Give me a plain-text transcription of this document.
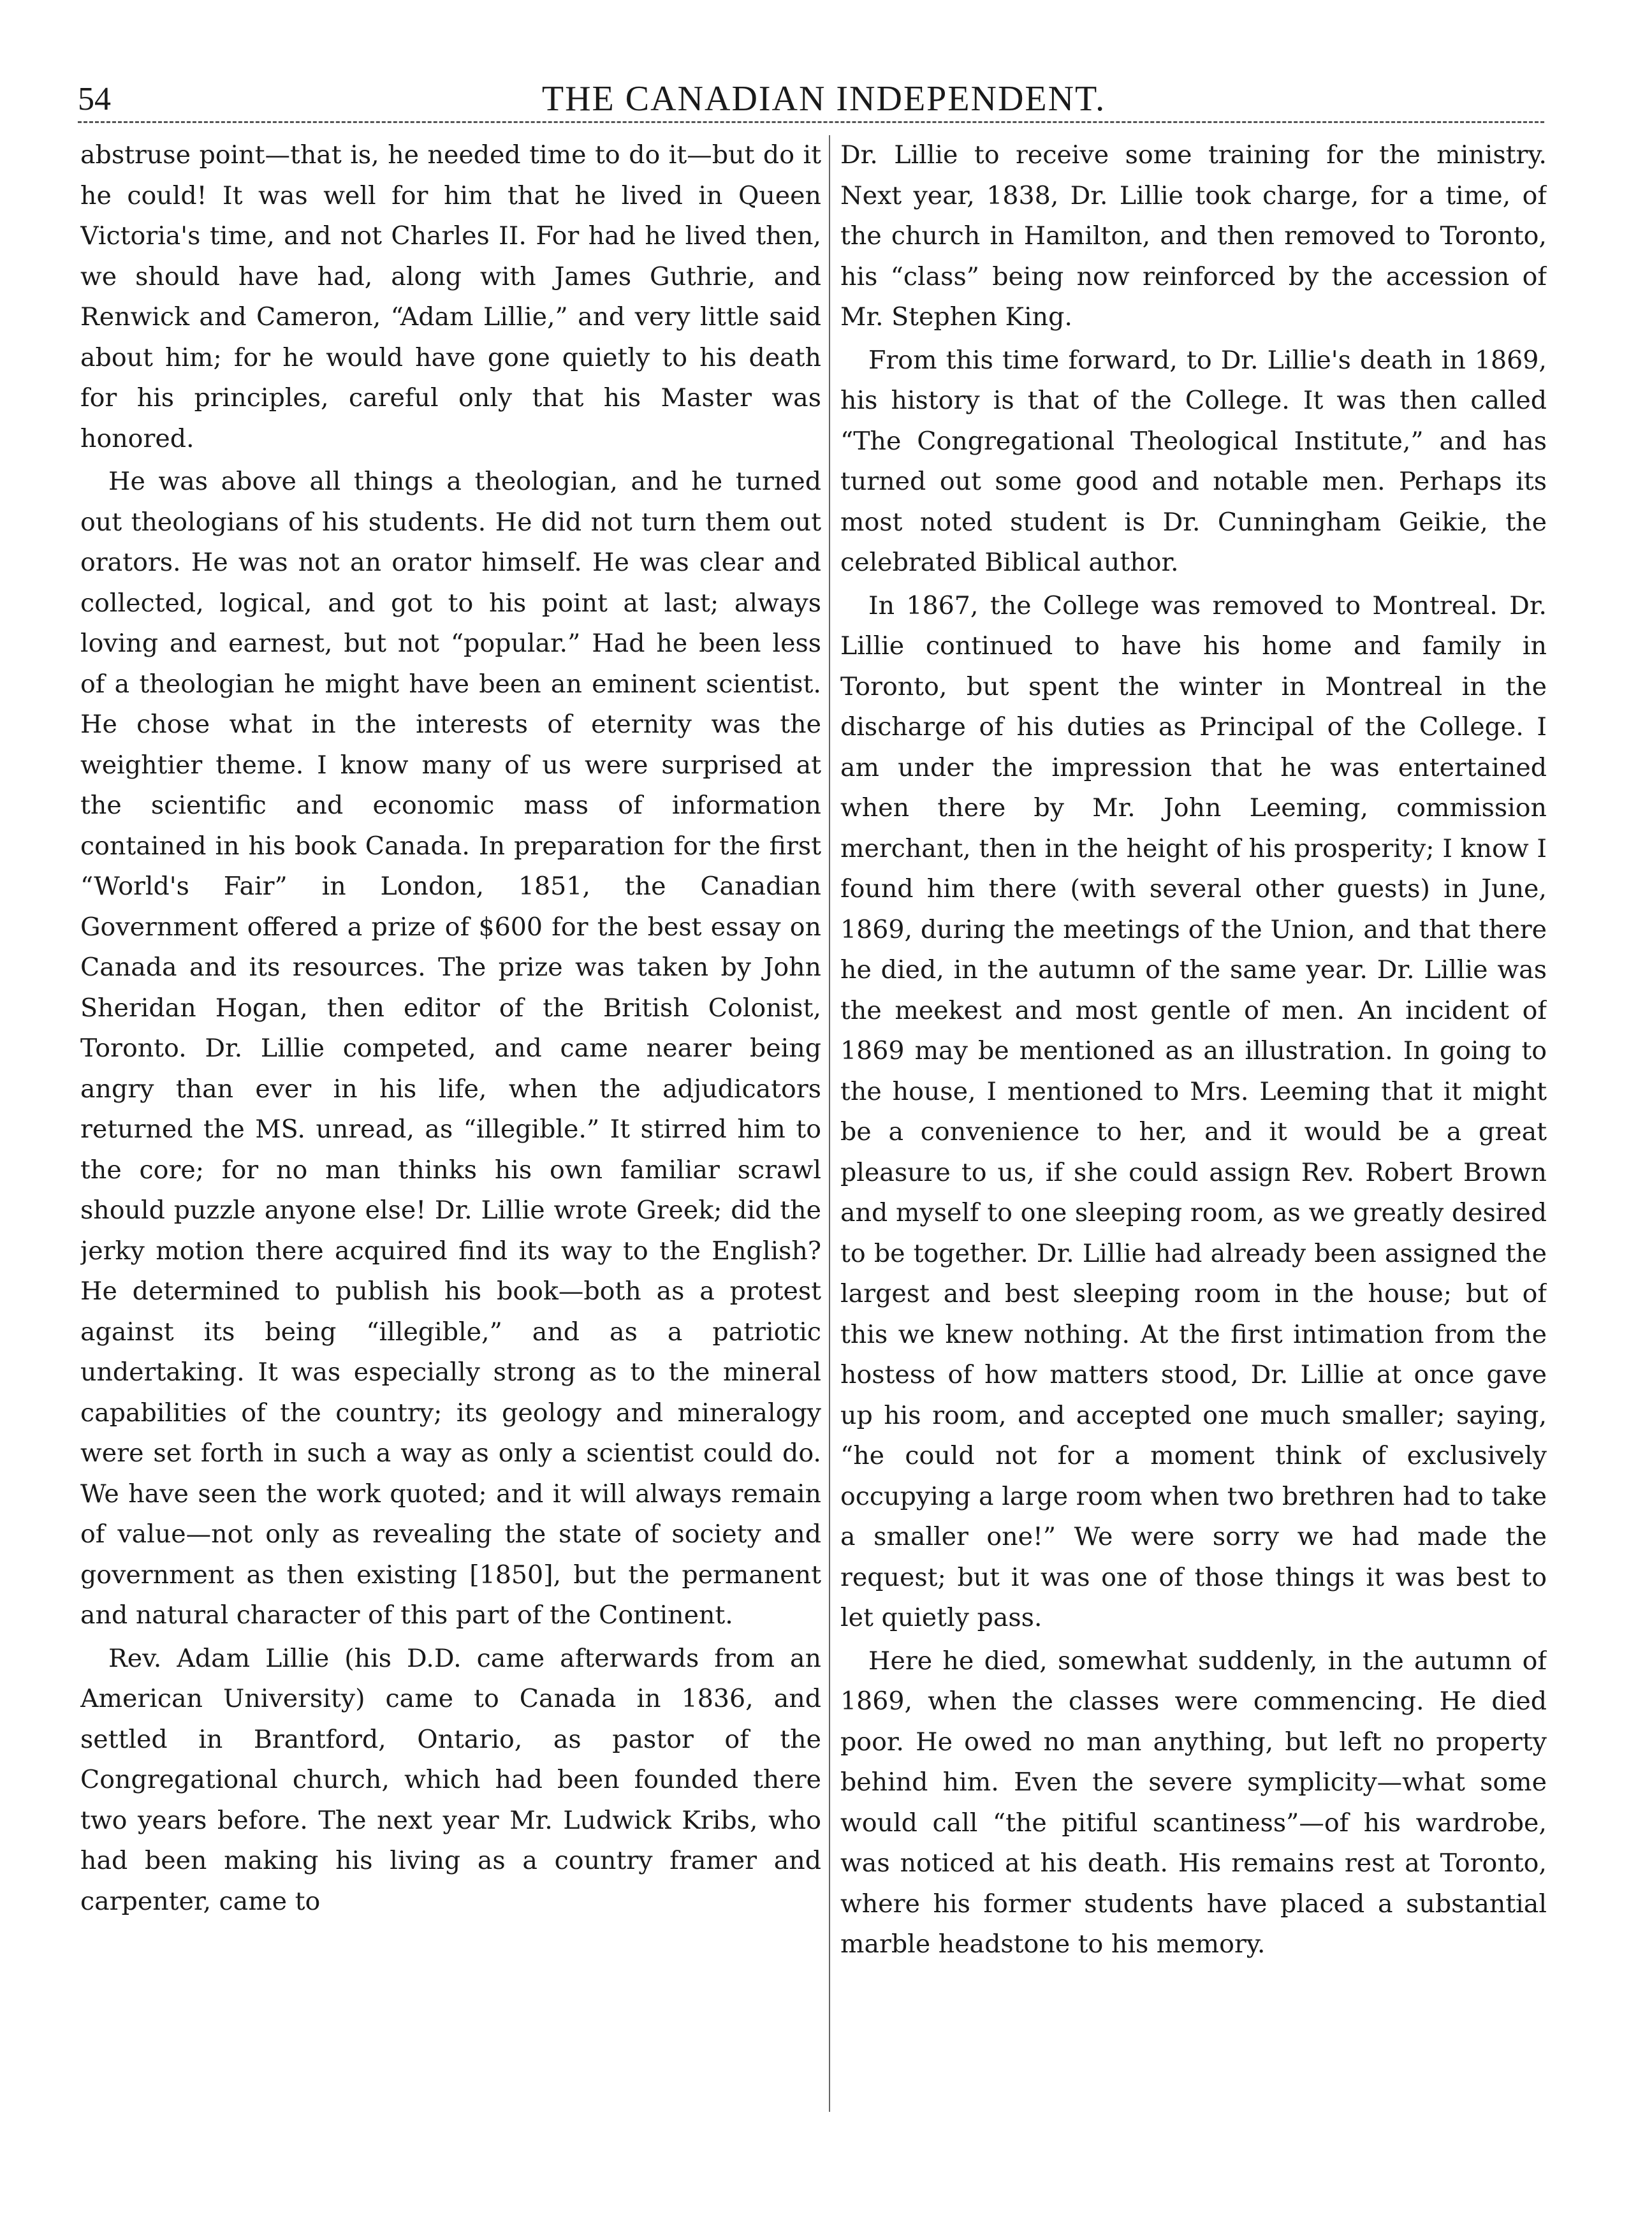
54	THE CANADIAN INDEPENDENT.

abstruse point—that is, he needed time to do it—but do it he could! It was well for him that he lived in Queen Victoria's time, and not Charles II. For had he lived then, we should have had, along with James Guthrie, and Renwick and Cameron, “Adam Lillie,” and very little said about him; for he would have gone quietly to his death for his principles, careful only that his Master was honored.

He was above all things a theologian, and he turned out theologians of his students. He did not turn them out orators. He was not an orator himself. He was clear and collected, logical, and got to his point at last; always loving and earnest, but not “popular.” Had he been less of a theologian he might have been an eminent scientist. He chose what in the interests of eternity was the weightier theme. I know many of us were surprised at the scientific and economic mass of information contained in his book Canada. In preparation for the first “World's Fair” in London, 1851, the Canadian Government offered a prize of $600 for the best essay on Canada and its resources. The prize was taken by John Sheridan Hogan, then editor of the British Colonist, Toronto. Dr. Lillie competed, and came nearer being angry than ever in his life, when the adjudicators returned the MS. unread, as “illegible.” It stirred him to the core; for no man thinks his own familiar scrawl should puzzle anyone else! Dr. Lillie wrote Greek; did the jerky motion there acquired find its way to the English? He determined to publish his book—both as a protest against its being “illegible,” and as a patriotic undertaking. It was especially strong as to the mineral capabilities of the country; its geology and mineralogy were set forth in such a way as only a scientist could do. We have seen the work quoted; and it will always remain of value—not only as revealing the state of society and government as then existing [1850], but the permanent and natural character of this part of the Continent.

Rev. Adam Lillie (his D.D. came afterwards from an American University) came to Canada in 1836, and settled in Brantford, Ontario, as pastor of the Congregational church, which had been founded there two years before. The next year Mr. Ludwick Kribs, who had been making his living as a country framer and carpenter, came to

Dr. Lillie to receive some training for the ministry. Next year, 1838, Dr. Lillie took charge, for a time, of the church in Hamilton, and then removed to Toronto, his “class” being now reinforced by the accession of Mr. Stephen King.

From this time forward, to Dr. Lillie's death in 1869, his history is that of the College. It was then called “The Congregational Theological Institute,” and has turned out some good and notable men. Perhaps its most noted student is Dr. Cunningham Geikie, the celebrated Biblical author.

In 1867, the College was removed to Montreal. Dr. Lillie continued to have his home and family in Toronto, but spent the winter in Montreal in the discharge of his duties as Principal of the College. I am under the impression that he was entertained when there by Mr. John Leeming, commission merchant, then in the height of his prosperity; I know I found him there (with several other guests) in June, 1869, during the meetings of the Union, and that there he died, in the autumn of the same year. Dr. Lillie was the meekest and most gentle of men. An incident of 1869 may be mentioned as an illustration. In going to the house, I mentioned to Mrs. Leeming that it might be a convenience to her, and it would be a great pleasure to us, if she could assign Rev. Robert Brown and myself to one sleeping room, as we greatly desired to be together. Dr. Lillie had already been assigned the largest and best sleeping room in the house; but of this we knew nothing. At the first intimation from the hostess of how matters stood, Dr. Lillie at once gave up his room, and accepted one much smaller; saying, “he could not for a moment think of exclusively occupying a large room when two brethren had to take a smaller one!” We were sorry we had made the request; but it was one of those things it was best to let quietly pass.

Here he died, somewhat suddenly, in the autumn of 1869, when the classes were commencing. He died poor. He owed no man anything, but left no property behind him. Even the severe symplicity—what some would call “the pitiful scantiness”—of his wardrobe, was noticed at his death. His remains rest at Toronto, where his former students have placed a substantial marble headstone to his memory.
